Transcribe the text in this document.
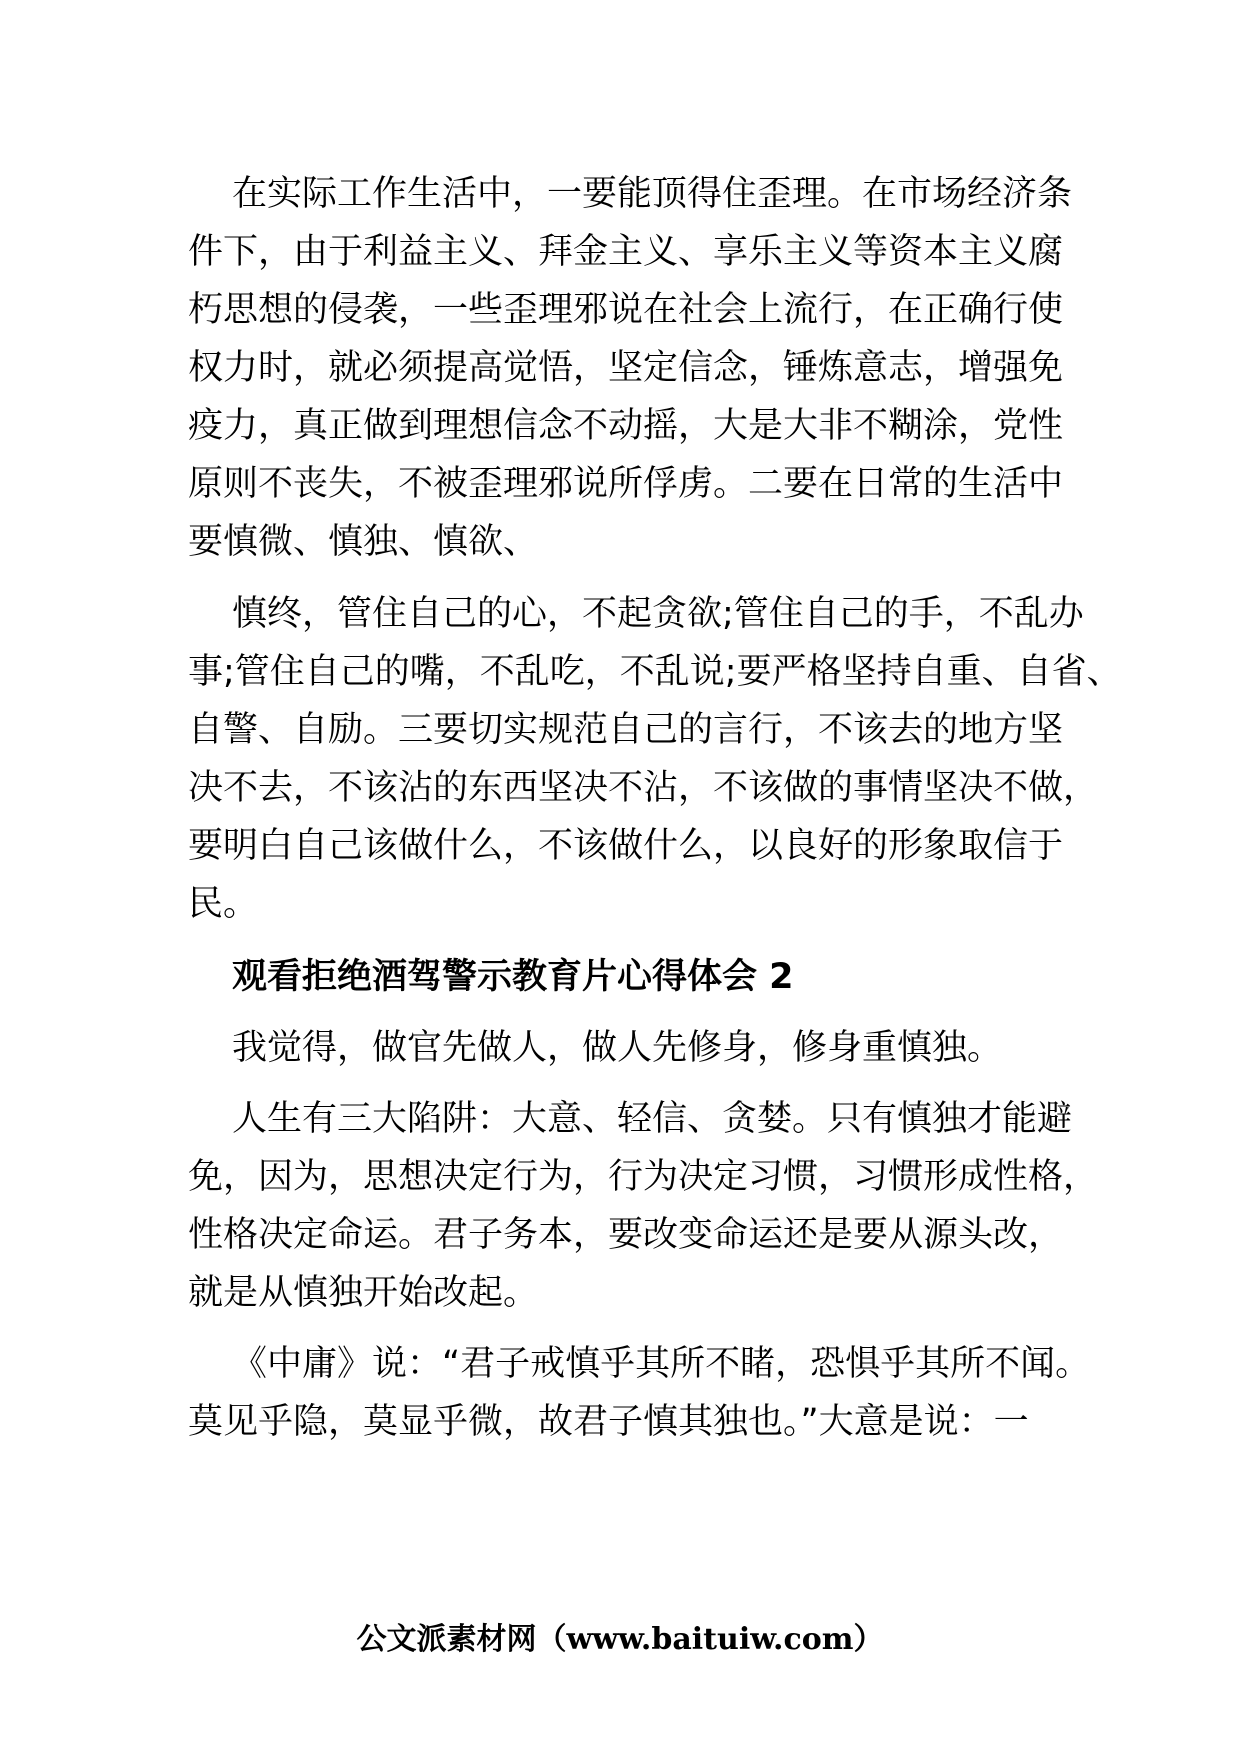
在实际工作生活中，一要能顶得住歪理。在市场经济条

件下，由于利益主义、拜金主义、享乐主义等资本主义腐

朽思想的侵袭，一些歪理邪说在社会上流行，在正确行使

权力时，就必须提高觉悟，坚定信念，锤炼意志，增强免

疫力，真正做到理想信念不动摇，大是大非不糊涂，党性

原则不丧失，不被歪理邪说所俘虏。二要在日常的生活中

要慎微、慎独、慎欲、

慎终，管住自己的心，不起贪欲;管住自己的手，不乱办

事;管住自己的嘴，不乱吃，不乱说;要严格坚持自重、自省、

自警、自励。三要切实规范自己的言行，不该去的地方坚

决不去，不该沾的东西坚决不沾，不该做的事情坚决不做，

要明白自己该做什么，不该做什么，以良好的形象取信于

民。

观看拒绝酒驾警示教育片心得体会 2

我觉得，做官先做人，做人先修身，修身重慎独。

人生有三大陷阱：大意、轻信、贪婪。只有慎独才能避

免，因为，思想决定行为，行为决定习惯，习惯形成性格，

性格决定命运。君子务本，要改变命运还是要从源头改，

就是从慎独开始改起。

《中庸》说：“君子戒慎乎其所不睹，恐惧乎其所不闻。

莫见乎隐，莫显乎微，故君子慎其独也。”大意是说：一

公文派素材网（www.baituiw.com）
